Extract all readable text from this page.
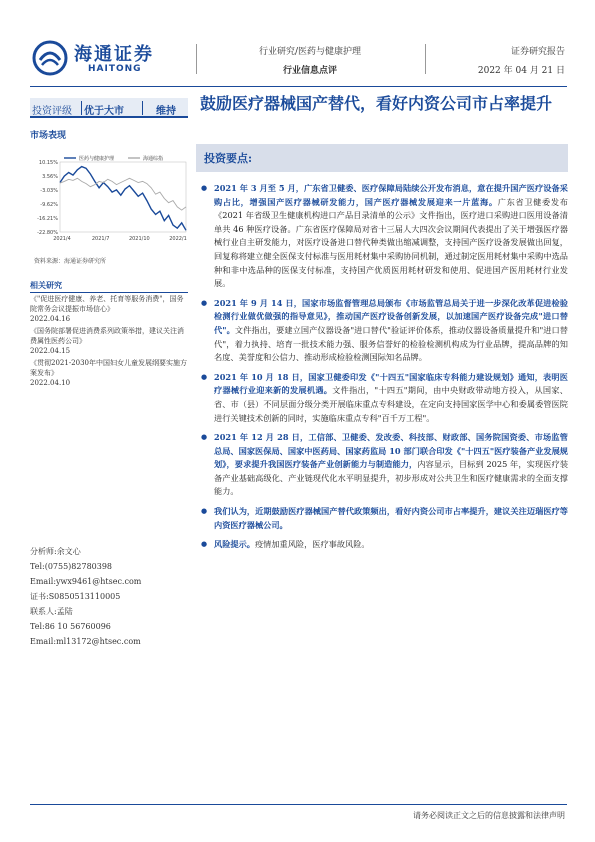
海通证券
HAITONG
行业研究/医药与健康护理
行业信息点评
证券研究报告
2022 年 04 月 21 日
投资评级 优于大市	维持 鼓励医疗器械国产替代，看好内资公司市占率提升
市场表现
10.15%
3.56%
-3.03%
-9.62%
-16.21%
-22.80%
2021/4	2021/7	2021/10	2022/1
医药与健康护理	海通综指
资料来源：海通证券研究所
相关研究
《"促进医疗健康、养老、托育等服务消费"，国务院常务会议提振市场信心》
2022.04.16
《国务院部署促进消费系列政策举措，建议关注消费属性医药公司》
2022.04.15
《贯彻2021-2030年中国妇女儿童发展纲要实施方案发布》
2022.04.10
分析师:余文心
Tel:(0755)82780398
Email:ywx9461@htsec.com
证书:S0850513110005
联系人:孟陆
Tel:86 10 56760096
Email:ml13172@htsec.com
投资要点:
● 2021 年 3 月至 5 月，广东省卫健委、医疗保障局陆续公开发布消息，意在提升国产医疗设备采购占比，增强国产医疗器械研发能力，国产医疗器械发展迎来一片蓝海。广东省卫健委发布《2021 年省级卫生健康机构进口产品目录清单的公示》文件指出，医疗进口采购进口医用设备清单共 46 种医疗设备。广东省医疗保障局对省十三届人大四次会议期间代表提出了关于增强医疗器械行业自主研发能力，对医疗设备进口替代种类做出缩减调整，支持国产医疗设备发展做出回复，回复称将建立健全医保支付标准与医用耗材集中采购协同机制，通过制定医用耗材集中采购中选品种和非中选品种的医保支付标准，支持国产优质医用耗材研发和使用、促进国产医用耗材行业发展。
● 2021 年 9 月 14 日，国家市场监督管理总局颁布《市场监管总局关于进一步深化改革促进检验检测行业做优做强的指导意见》，推动国产医疗设备创新发展，以加速国产医疗设备完成"进口替代"。文件指出，要建立国产仪器设备"进口替代"验证评价体系，推动仪器设备质量提升和"进口替代"，着力执持、培育一批技术能力强、服务信誉好的检验检测机构成为行业品牌，提高品牌的知名度、美誉度和公信力、推动形成检验检测国际知名品牌。
● 2021 年 10 月 18 日，国家卫健委印发《"十四五"国家临床专科能力建设规划》通知，表明医疗器械行业迎来新的发展机遇。文件指出，"十四五"期间，由中央财政带动地方投入，从国家、省、市（县）不同层面分级分类开展临床重点专科建设，在定向支持国家医学中心和委属委管医院进行关键技术创新的同时，实施临床重点专科"百千万工程"。
● 2021 年 12 月 28 日，工信部、卫健委、发改委、科技部、财政部、国务院国资委、市场监管总局、国家医保局、国家中医药局、国家药监局 10 部门联合印发《"十四五"医疗装备产业发展规划》，要求提升我国医疗装备产业创新能力与制造能力，内容显示，目标到 2025 年，实现医疗装备产业基础高级化、产业链现代化水平明显提升，初步形成对公共卫生和医疗健康需求的全面支撑能力。
● 我们认为，近期鼓励医疗器械国产替代政策频出，看好内资公司市占率提升，建议关注迈瑞医疗等内资医疗器械公司。
● 风险提示。疫情加重风险，医疗事故风险。
请务必阅读正文之后的信息披露和法律声明
